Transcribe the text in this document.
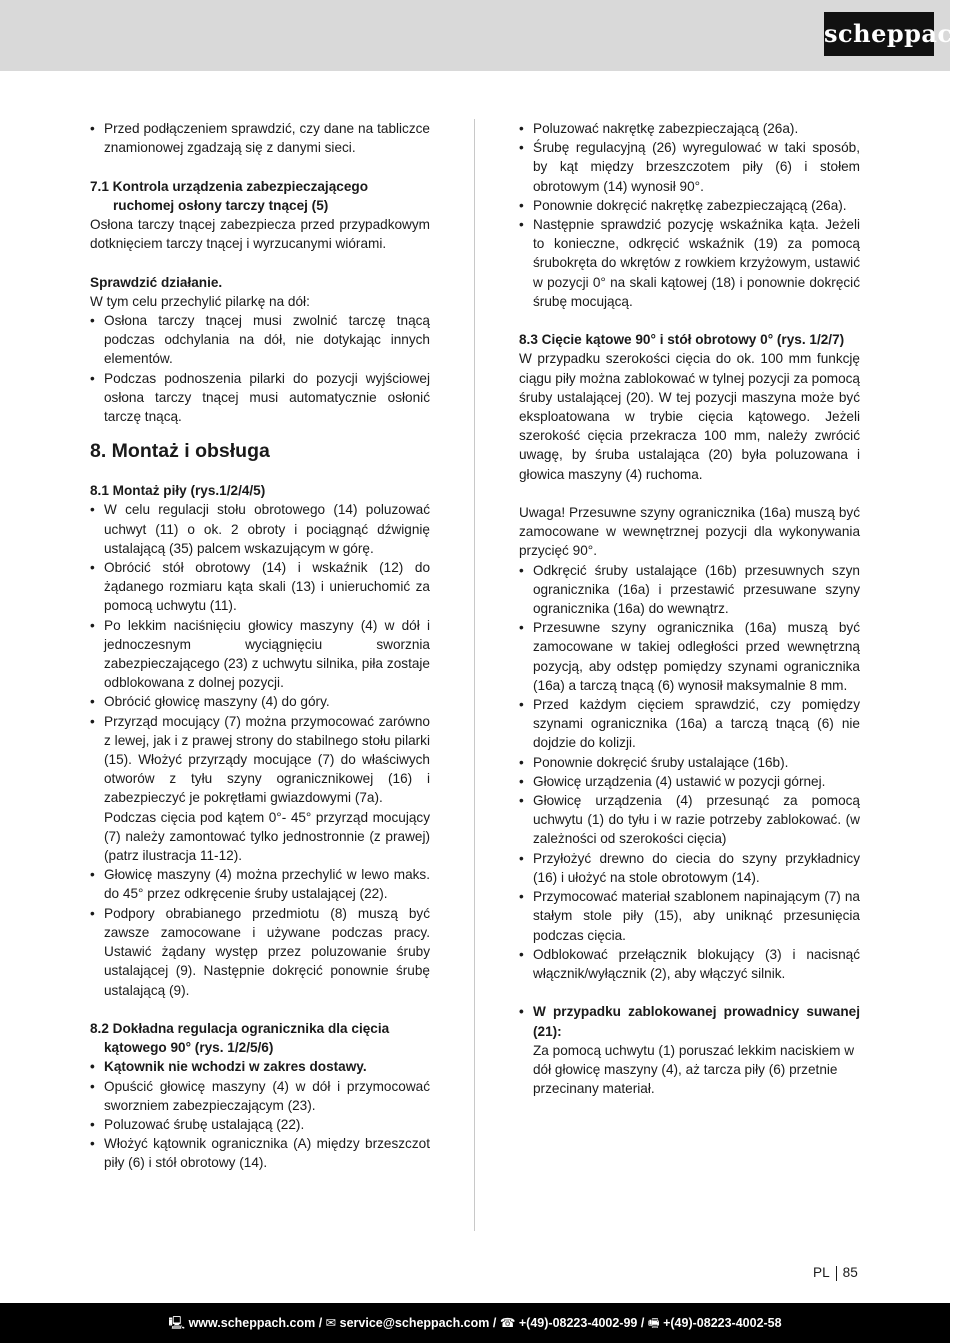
scheppach
• Przed podłączeniem sprawdzić, czy dane na tabliczce znamionowej zgadzają się z danymi sieci.
7.1 Kontrola urządzenia zabezpieczającego ruchomej osłony tarczy tnącej (5)

Osłona tarczy tnącej zabezpiecza przed przypadkowym dotknięciem tarczy tnącej i wyrzucanymi wiórami.

Sprawdzić działanie.

W tym celu przechylić pilarkę na dół:

• Osłona tarczy tnącej musi zwolnić tarczę tnącą podczas odchylania na dół, nie dotykając innych elementów.
• Podczas podnoszenia pilarki do pozycji wyjściowej osłona tarczy tnącej musi automatycznie osłonić tarczę tnącą.
8. Montaż i obsługa
8.1 Montaż piły (rys.1/2/4/5)
• W celu regulacji stołu obrotowego (14) poluzować uchwyt (11) o ok. 2 obroty i pociągnąć dźwignię ustalającą (35) palcem wskazującym w górę.
• Obrócić stół obrotowy (14) i wskaźnik (12) do żądanego rozmiaru kąta skali (13) i unieruchomić za pomocą uchwytu (11).
• Po lekkim naciśnięciu głowicy maszyny (4) w dół i jednoczesnym wyciągnięciu sworznia zabezpieczającego (23) z uchwytu silnika, piła zostaje odblokowana z dolnej pozycji.
• Obrócić głowicę maszyny (4) do góry.
• Przyrząd mocujący (7) można przymocować zarówno z lewej, jak i z prawej strony do stabilnego stołu pilarki (15). Włożyć przyrządy mocujące (7) do właściwych otworów z tyłu szyny ogranicznikowej (16) i zabezpieczyć je pokrętłami gwiazdowymi (7a).
Podczas cięcia pod kątem 0°- 45° przyrząd mocujący (7) należy zamontować tylko jednostronnie (z prawej) (patrz ilustracja 11-12).
• Głowicę maszyny (4) można przechylić w lewo maks. do 45° przez odkręcenie śruby ustalającej (22).
• Podpory obrabianego przedmiotu (8) muszą być zawsze zamocowane i używane podczas pracy. Ustawić żądany występ przez poluzowanie śruby ustalającej (9). Następnie dokręcić ponownie śrubę ustalającą (9).
8.2 Dokładna regulacja ogranicznika dla cięcia kątowego 90° (rys. 1/2/5/6)
• Kątownik nie wchodzi w zakres dostawy.
• Opuścić głowicę maszyny (4) w dół i przymocować sworzniem zabezpieczającym (23).
• Poluzować śrubę ustalającą (22).
• Włożyć kątownik ogranicznika (A) między brzeszczot piły (6) i stół obrotowy (14).
• Poluzować nakrętkę zabezpieczającą (26a).
• Śrubę regulacyjną (26) wyregulować w taki sposób, by kąt między brzeszczotem piły (6) i stołem obrotowym (14) wynosił 90°.
• Ponownie dokręcić nakrętkę zabezpieczającą (26a).
• Następnie sprawdzić pozycję wskaźnika kąta. Jeżeli to konieczne, odkręcić wskaźnik (19) za pomocą śrubokręta do wkrętów z rowkiem krzyżowym, ustawić w pozycji 0° na skali kątowej (18) i ponownie dokręcić śrubę mocującą.
8.3 Cięcie kątowe 90° i stół obrotowy 0° (rys. 1/2/7)

W przypadku szerokości cięcia do ok. 100 mm funkcję ciągu piły można zablokować w tylnej pozycji za pomocą śruby ustalającej (20). W tej pozycji maszyna może być eksploatowana w trybie cięcia kątowego. Jeżeli szerokość cięcia przekracza 100 mm, należy zwrócić uwagę, by śruba ustalająca (20) była poluzowana i głowica maszyny (4) ruchoma.

Uwaga! Przesuwne szyny ogranicznika (16a) muszą być zamocowane w wewnętrznej pozycji dla wykonywania przycięć 90°.

• Odkręcić śruby ustalające (16b) przesuwnych szyn ogranicznika (16a) i przestawić przesuwane szyny ogranicznika (16a) do wewnątrz.
• Przesuwne szyny ogranicznika (16a) muszą być zamocowane w takiej odległości przed wewnętrzną pozycją, aby odstęp pomiędzy szynami ogranicznika (16a) a tarczą tnącą (6) wynosił maksymalnie 8 mm.
• Przed każdym cięciem sprawdzić, czy pomiędzy szynami ogranicznika (16a) a tarczą tnącą (6) nie dojdzie do kolizji.
• Ponownie dokręcić śruby ustalające (16b).
• Głowicę urządzenia (4) ustawić w pozycji górnej.
• Głowicę urządzenia (4) przesunąć za pomocą uchwytu (1) do tyłu i w razie potrzeby zablokować. (w zależności od szerokości cięcia)
• Przyłożyć drewno do ciecia do szyny przykładnicy (16) i ułożyć na stole obrotowym (14).
• Przymocować materiał szablonem napinającym (7) na stałym stole piły (15), aby uniknąć przesunięcia podczas cięcia.
• Odblokować przełącznik blokujący (3) i nacisnąć włącznik/wyłącznik (2), aby włączyć silnik.
• W przypadku zablokowanej prowadnicy suwanej (21):
Za pomocą uchwytu (1) poruszać lekkim naciskiem w dół głowicę maszyny (4), aż tarcza piły (6) przetnie przecinany materiał.
PL 85
🖳 www.scheppach.com / ✉ service@scheppach.com / ☎ +(49)-08223-4002-99 / 🖷 +(49)-08223-4002-58
